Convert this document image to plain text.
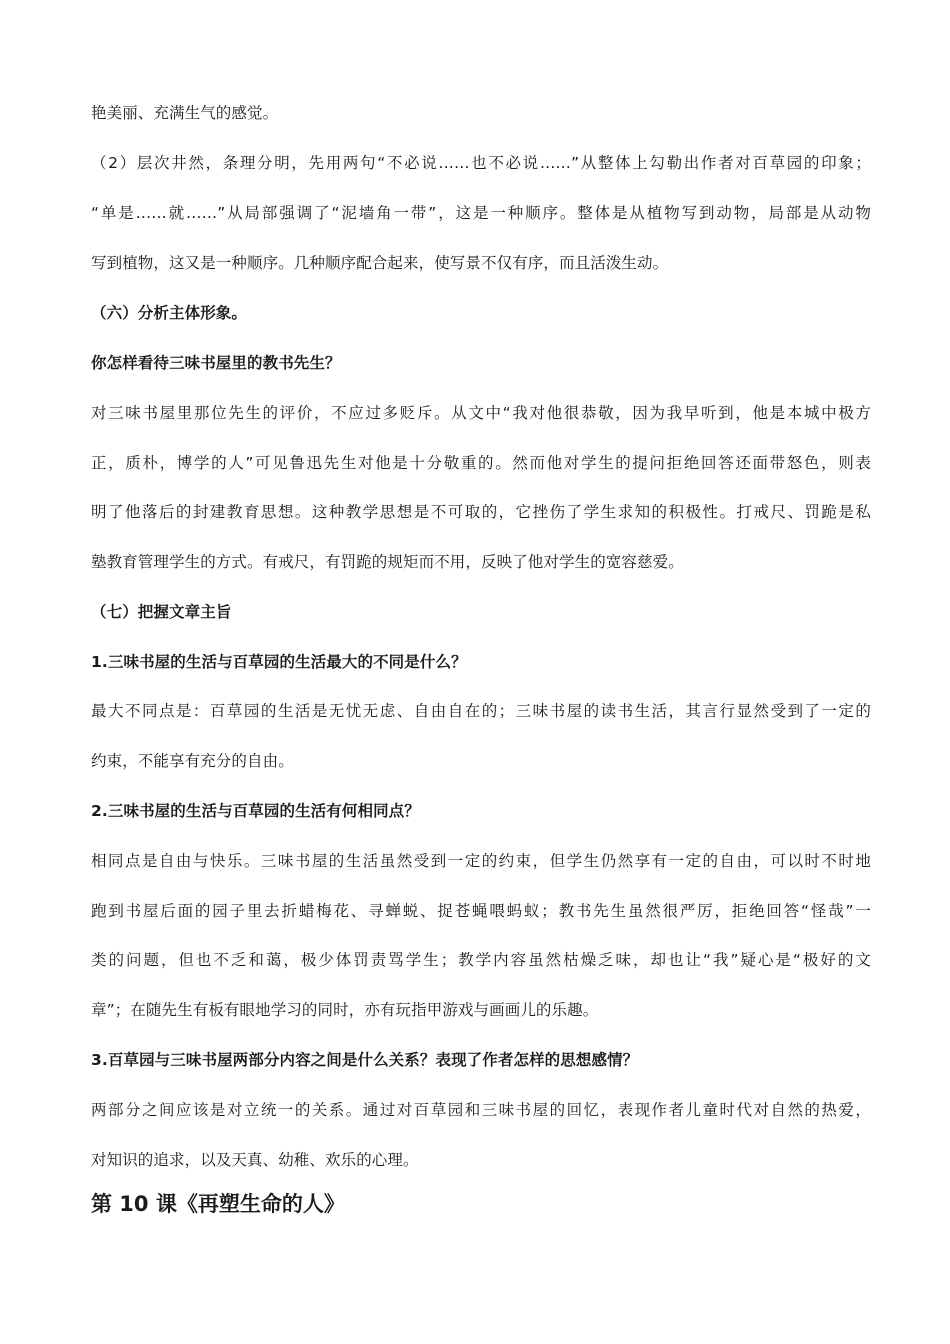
艳美丽、充满生气的感觉。
（2）层次井然，条理分明，先用两句“不必说……也不必说……”从整体上勾勒出作者对百草园的印象；
“单是……就……”从局部强调了“泥墙角一带”，这是一种顺序。整体是从植物写到动物，局部是从动物
写到植物，这又是一种顺序。几种顺序配合起来，使写景不仅有序，而且活泼生动。
（六）分析主体形象。
你怎样看待三味书屋里的教书先生？
对三味书屋里那位先生的评价，不应过多贬斥。从文中“我对他很恭敬，因为我早听到，他是本城中极方
正，质朴，博学的人”可见鲁迅先生对他是十分敬重的。然而他对学生的提问拒绝回答还面带怒色，则表
明了他落后的封建教育思想。这种教学思想是不可取的，它挫伤了学生求知的积极性。打戒尺、罚跪是私
塾教育管理学生的方式。有戒尺，有罚跪的规矩而不用，反映了他对学生的宽容慈爱。
（七）把握文章主旨
1.三味书屋的生活与百草园的生活最大的不同是什么？
最大不同点是：百草园的生活是无忧无虑、自由自在的；三味书屋的读书生活，其言行显然受到了一定的
约束，不能享有充分的自由。
2.三味书屋的生活与百草园的生活有何相同点？
相同点是自由与快乐。三味书屋的生活虽然受到一定的约束，但学生仍然享有一定的自由，可以时不时地
跑到书屋后面的园子里去折蜡梅花、寻蝉蜕、捉苍蝇喂蚂蚁；教书先生虽然很严厉，拒绝回答“怪哉”一
类的问题，但也不乏和蔼，极少体罚责骂学生；教学内容虽然枯燥乏味，却也让“我”疑心是“极好的文
章”；在随先生有板有眼地学习的同时，亦有玩指甲游戏与画画儿的乐趣。
3.百草园与三味书屋两部分内容之间是什么关系？表现了作者怎样的思想感情？
两部分之间应该是对立统一的关系。通过对百草园和三味书屋的回忆，表现作者儿童时代对自然的热爱，
对知识的追求，以及天真、幼稚、欢乐的心理。
第 10 课《再塑生命的人》
